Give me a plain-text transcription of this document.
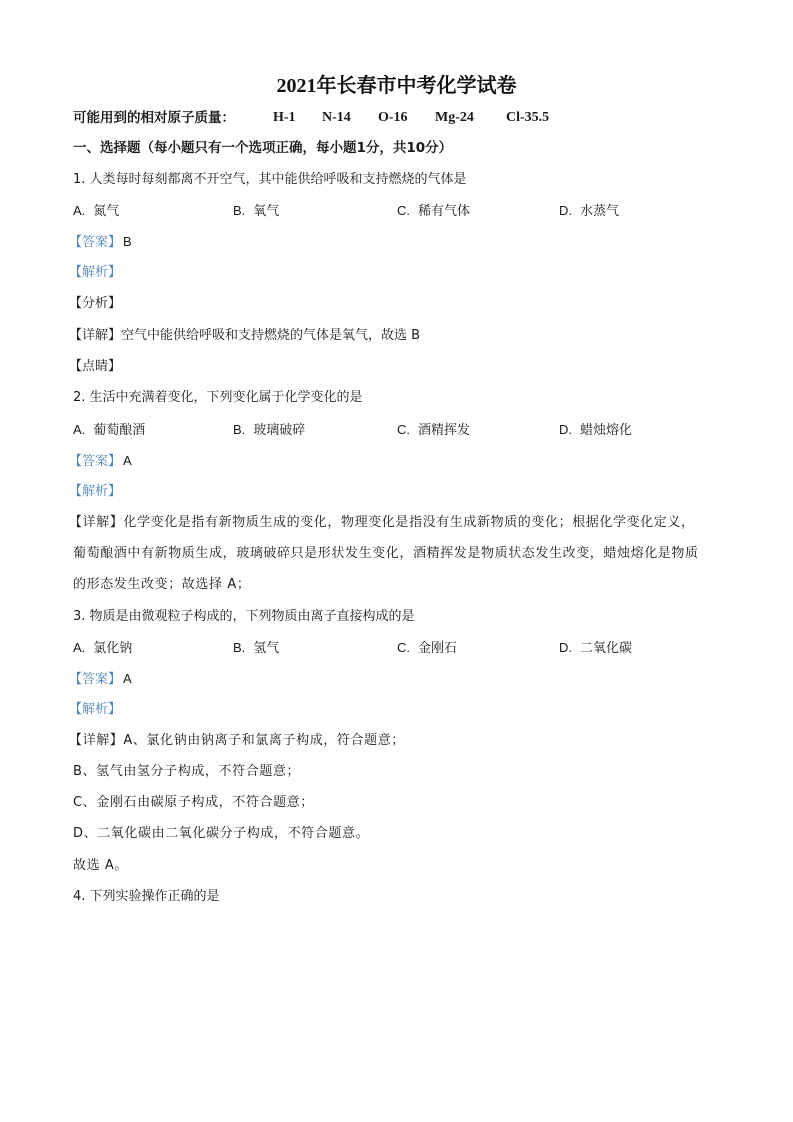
2021年长春市中考化学试卷
可能用到的相对原子质量：	H-1 N-14 O-16 Mg-24 Cl-35.5
一、选择题（每小题只有一个选项正确，每小题1分，共10分）
1. 人类每时每刻都离不开空气，其中能供给呼吸和支持燃烧的气体是
A. 氮气	B. 氧气	C. 稀有气体	D. 水蒸气
【答案】 B
【解析】
【分析】
【详解】空气中能供给呼吸和支持燃烧的气体是氧气，故选 B
【点睛】
2. 生活中充满着变化，下列变化属于化学变化的是
A. 葡萄酿酒	B. 玻璃破碎	C. 酒精挥发	D. 蜡烛熔化
【答案】 A
【解析】
【详解】化学变化是指有新物质生成的变化，物理变化是指没有生成新物质的变化；根据化学变化定义，
葡萄酿酒中有新物质生成，玻璃破碎只是形状发生变化，酒精挥发是物质状态发生改变，蜡烛熔化是物质
的形态发生改变；故选择 A；
3. 物质是由微观粒子构成的，下列物质由离子直接构成的是
A. 氯化钠	B. 氢气	C. 金刚石	D. 二氧化碳
【答案】 A
【解析】
【详解】A、氯化钠由钠离子和氯离子构成，符合题意；
B、氢气由氢分子构成，不符合题意；
C、金刚石由碳原子构成，不符合题意；
D、二氧化碳由二氧化碳分子构成，不符合题意。
故选 A。
4. 下列实验操作正确的是
